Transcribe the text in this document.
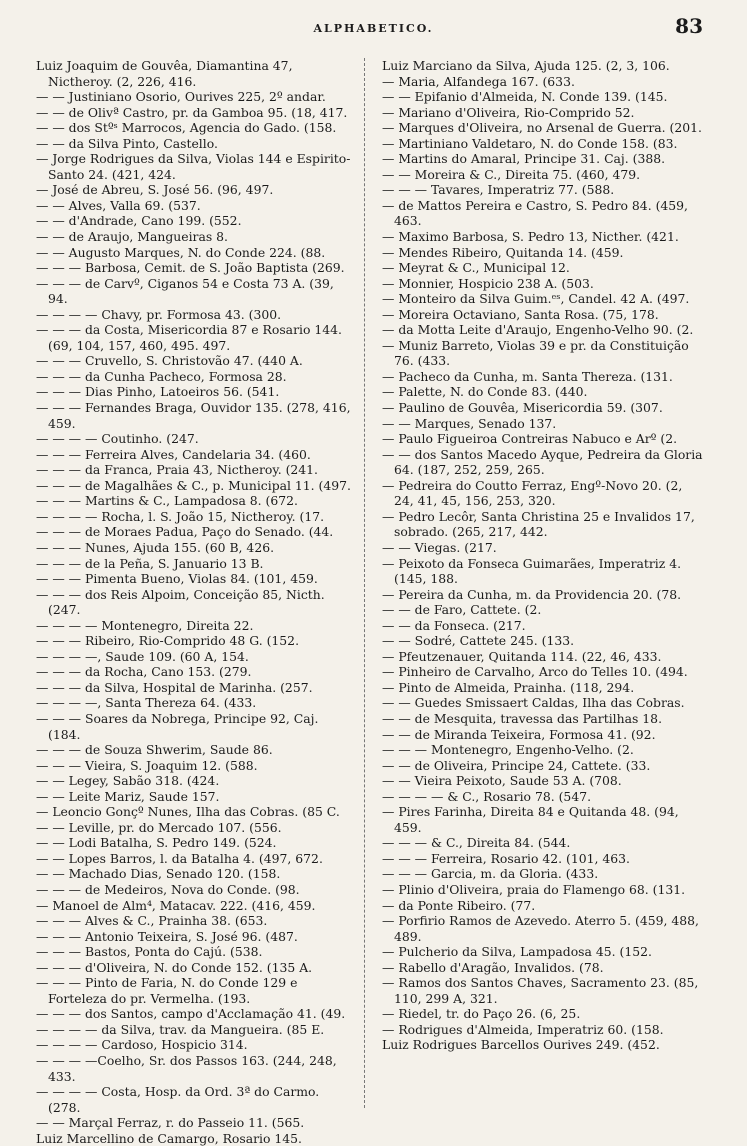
ALPHABETICO.	83

Luiz Joaquim de Gouvêa, Diamantina 47, Nictheroy. (2, 226, 416.

— — Justiniano Osorio, Ourives 225, 2º andar.

— — de Olivª Castro, pr. da Gamboa 95. (18, 417.

— — dos Stºˢ Marrocos, Agencia do Gado. (158.

— — da Silva Pinto, Castello.

— Jorge Rodrigues da Silva, Violas 144 e Espirito-Santo 24. (421, 424.

— José de Abreu, S. José 56. (96, 497.

— — Alves, Valla 69. (537.

— — d'Andrade, Cano 199. (552.

— — de Araujo, Mangueiras 8.

— — Augusto Marques, N. do Conde 224. (88.

— — — Barbosa, Cemit. de S. João Baptista (269.

— — — de Carvº, Ciganos 54 e Costa 73 A. (39, 94.

— — — — Chavy, pr. Formosa 43. (300.

— — — da Costa, Misericordia 87 e Rosario 144. (69, 104, 157, 460, 495. 497.

— — — Cruvello, S. Christovão 47. (440 A.

— — — da Cunha Pacheco, Formosa 28.

— — — Dias Pinho, Latoeiros 56. (541.

— — — Fernandes Braga, Ouvidor 135. (278, 416, 459.

— — — — Coutinho. (247.

— — — Ferreira Alves, Candelaria 34. (460.

— — — da Franca, Praia 43, Nictheroy. (241.

— — — de Magalhães & C., p. Municipal 11. (497.

— — — Martins & C., Lampadosa 8. (672.

— — — — Rocha, l. S. João 15, Nictheroy. (17.

— — — de Moraes Padua, Paço do Senado. (44.

— — — Nunes, Ajuda 155. (60 B, 426.

— — — de la Peña, S. Januario 13 B.

— — — Pimenta Bueno, Violas 84. (101, 459.

— — — dos Reis Alpoim, Conceição 85, Nicth. (247.

— — — — Montenegro, Direita 22.

— — — Ribeiro, Rio-Comprido 48 G. (152.

— — — —, Saude 109. (60 A, 154.

— — — da Rocha, Cano 153. (279.

— — — da Silva, Hospital de Marinha. (257.

— — — —, Santa Thereza 64. (433.

— — — Soares da Nobrega, Principe 92, Caj. (184.

— — — de Souza Shwerim, Saude 86.

— — — Vieira, S. Joaquim 12. (588.

— — Legey, Sabão 318. (424.

— — Leite Mariz, Saude 157.

— Leoncio Gonçº Nunes, Ilha das Cobras. (85 C.

— — Leville, pr. do Mercado 107. (556.

— — Lodi Batalha, S. Pedro 149. (524.

— — Lopes Barros, l. da Batalha 4. (497, 672.

— — Machado Dias, Senado 120. (158.

— — — de Medeiros, Nova do Conde. (98.

— Manoel de Alm⁴, Matacav. 222. (416, 459.

— — — Alves & C., Prainha 38. (653.

— — — Antonio Teixeira, S. José 96. (487.

— — — Bastos, Ponta do Cajú. (538.

— — — d'Oliveira, N. do Conde 152. (135 A.

— — — Pinto de Faria, N. do Conde 129 e Forteleza do pr. Vermelha. (193.

— — — dos Santos, campo d'Acclamação 41. (49.

— — — — da Silva, trav. da Mangueira. (85 E.

— — — — Cardoso, Hospicio 314.

— — — —Coelho, Sr. dos Passos 163. (244, 248, 433.

— — — — Costa, Hosp. da Ord. 3ª do Carmo. (278.

— — Marçal Ferraz, r. do Passeio 11. (565.

Luiz Marcellino de Camargo, Rosario 145.

Luiz Marciano da Silva, Ajuda 125. (2, 3, 106.

— Maria, Alfandega 167. (633.

— — Epifanio d'Almeida, N. Conde 139. (145.

— Mariano d'Oliveira, Rio-Comprido 52.

— Marques d'Oliveira, no Arsenal de Guerra. (201.

— Martiniano Valdetaro, N. do Conde 158. (83.

— Martins do Amaral, Principe 31. Caj. (388.

— — Moreira & C., Direita 75. (460, 479.

— — — Tavares, Imperatriz 77. (588.

— de Mattos Pereira e Castro, S. Pedro 84. (459, 463.

— Maximo Barbosa, S. Pedro 13, Nicther. (421.

— Mendes Ribeiro, Quitanda 14. (459.

— Meyrat & C., Municipal 12.

— Monnier, Hospicio 238 A. (503.

— Monteiro da Silva Guim.ᵉˢ, Candel. 42 A. (497.

— Moreira Octaviano, Santa Rosa. (75, 178.

— da Motta Leite d'Araujo, Engenho-Velho 90. (2.

— Muniz Barreto, Violas 39 e pr. da Constituição 76. (433.

— Pacheco da Cunha, m. Santa Thereza. (131.

— Palette, N. do Conde 83. (440.

— Paulino de Gouvêa, Misericordia 59. (307.

— — Marques, Senado 137.

— Paulo Figueiroa Contreiras Nabuco e Arº (2.

— — dos Santos Macedo Ayque, Pedreira da Gloria 64. (187, 252, 259, 265.

— Pedreira do Coutto Ferraz, Engº-Novo 20. (2, 24, 41, 45, 156, 253, 320.

— Pedro Lecôr, Santa Christina 25 e Invalidos 17, sobrado. (265, 217, 442.

— — Viegas. (217.

— Peixoto da Fonseca Guimarães, Imperatriz 4. (145, 188.

— Pereira da Cunha, m. da Providencia 20. (78.

— — de Faro, Cattete. (2.

— — da Fonseca. (217.

— — Sodré, Cattete 245. (133.

— Pfeutzenauer, Quitanda 114. (22, 46, 433.

— Pinheiro de Carvalho, Arco do Telles 10. (494.

— Pinto de Almeida, Prainha. (118, 294.

— — Guedes Smissaert Caldas, Ilha das Cobras.

— — de Mesquita, travessa das Partilhas 18.

— — de Miranda Teixeira, Formosa 41. (92.

— — — Montenegro, Engenho-Velho. (2.

— — de Oliveira, Principe 24, Cattete. (33.

— — Vieira Peixoto, Saude 53 A. (708.

— — — — & C., Rosario 78. (547.

— Pires Farinha, Direita 84 e Quitanda 48. (94, 459.

— — — & C., Direita 84. (544.

— — — Ferreira, Rosario 42. (101, 463.

— — — Garcia, m. da Gloria. (433.

— Plinio d'Oliveira, praia do Flamengo 68. (131.

— da Ponte Ribeiro. (77.

— Porfirio Ramos de Azevedo. Aterro 5. (459, 488, 489.

— Pulcherio da Silva, Lampadosa 45. (152.

— Rabello d'Aragão, Invalidos. (78.

— Ramos dos Santos Chaves, Sacramento 23. (85, 110, 299 A, 321.

— Riedel, tr. do Paço 26. (6, 25.

— Rodrigues d'Almeida, Imperatriz 60. (158.

Luiz Rodrigues Barcellos Ourives 249. (452.
